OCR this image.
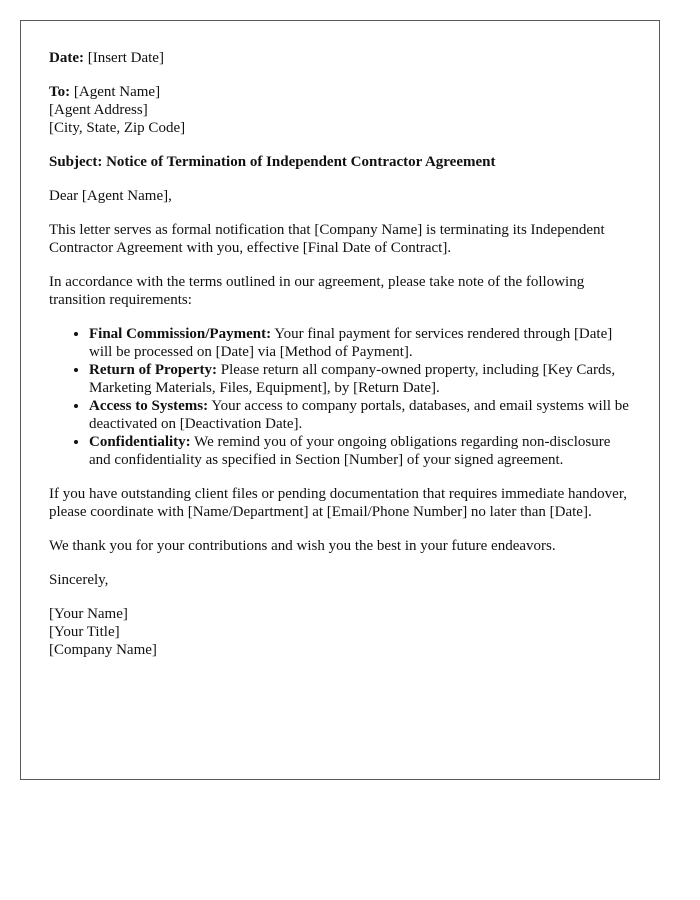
Date: [Insert Date]

To: [Agent Name]
[Agent Address]
[City, State, Zip Code]

Subject: Notice of Termination of Independent Contractor Agreement

Dear [Agent Name],

This letter serves as formal notification that [Company Name] is terminating its Independent Contractor Agreement with you, effective [Final Date of Contract].

In accordance with the terms outlined in our agreement, please take note of the following transition requirements:

• Final Commission/Payment: Your final payment for services rendered through [Date] will be processed on [Date] via [Method of Payment].
• Return of Property: Please return all company-owned property, including [Key Cards, Marketing Materials, Files, Equipment], by [Return Date].
• Access to Systems: Your access to company portals, databases, and email systems will be deactivated on [Deactivation Date].
• Confidentiality: We remind you of your ongoing obligations regarding non-disclosure and confidentiality as specified in Section [Number] of your signed agreement.

If you have outstanding client files or pending documentation that requires immediate handover, please coordinate with [Name/Department] at [Email/Phone Number] no later than [Date].

We thank you for your contributions and wish you the best in your future endeavors.

Sincerely,

[Your Name]
[Your Title]
[Company Name]
